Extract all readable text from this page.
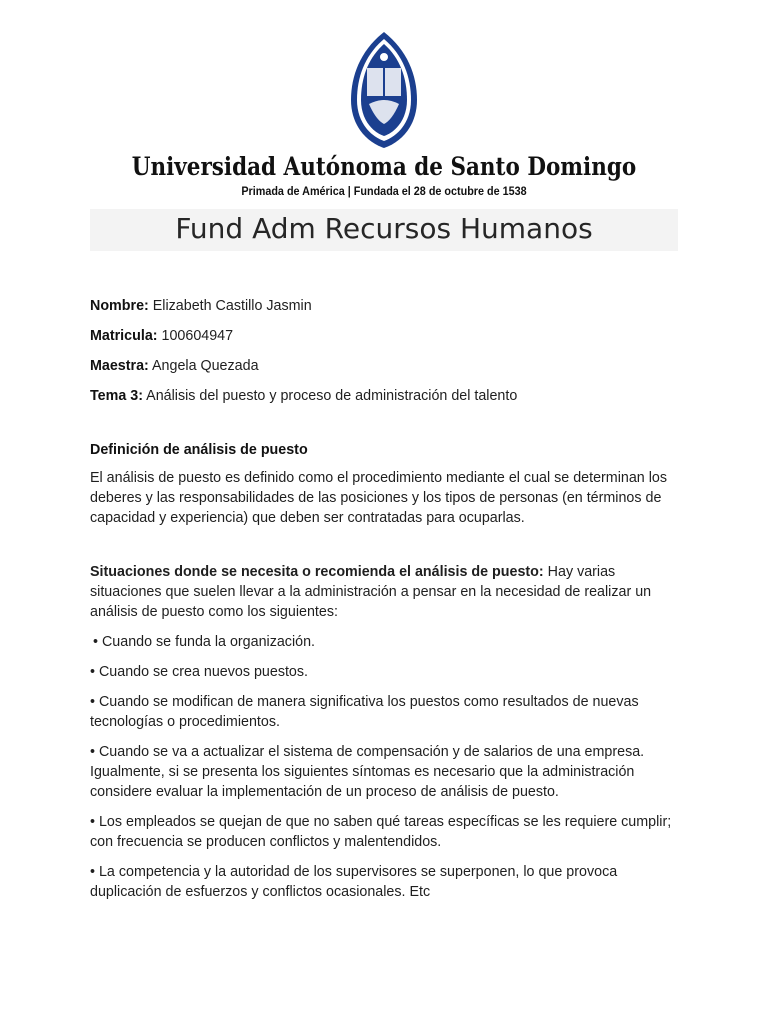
Universidad Autónoma de Santo Domingo
Primada de América | Fundada el 28 de octubre de 1538
Fund Adm Recursos Humanos
Nombre: Elizabeth Castillo Jasmin
Matricula: 100604947
Maestra: Angela Quezada
Tema 3: Análisis del puesto y proceso de administración del talento
Definición de análisis de puesto
El análisis de puesto es definido como el procedimiento mediante el cual se determinan los deberes y las responsabilidades de las posiciones y los tipos de personas (en términos de capacidad y experiencia) que deben ser contratadas para ocuparlas.
Situaciones donde se necesita o recomienda el análisis de puesto: Hay varias situaciones que suelen llevar a la administración a pensar en la necesidad de realizar un análisis de puesto como los siguientes:
• Cuando se funda la organización.
• Cuando se crea nuevos puestos.
• Cuando se modifican de manera significativa los puestos como resultados de nuevas tecnologías o procedimientos.
• Cuando se va a actualizar el sistema de compensación y de salarios de una empresa. Igualmente, si se presenta los siguientes síntomas es necesario que la administración considere evaluar la implementación de un proceso de análisis de puesto.
• Los empleados se quejan de que no saben qué tareas específicas se les requiere cumplir; con frecuencia se producen conflictos y malentendidos.
• La competencia y la autoridad de los supervisores se superponen, lo que provoca duplicación de esfuerzos y conflictos ocasionales. Etc
